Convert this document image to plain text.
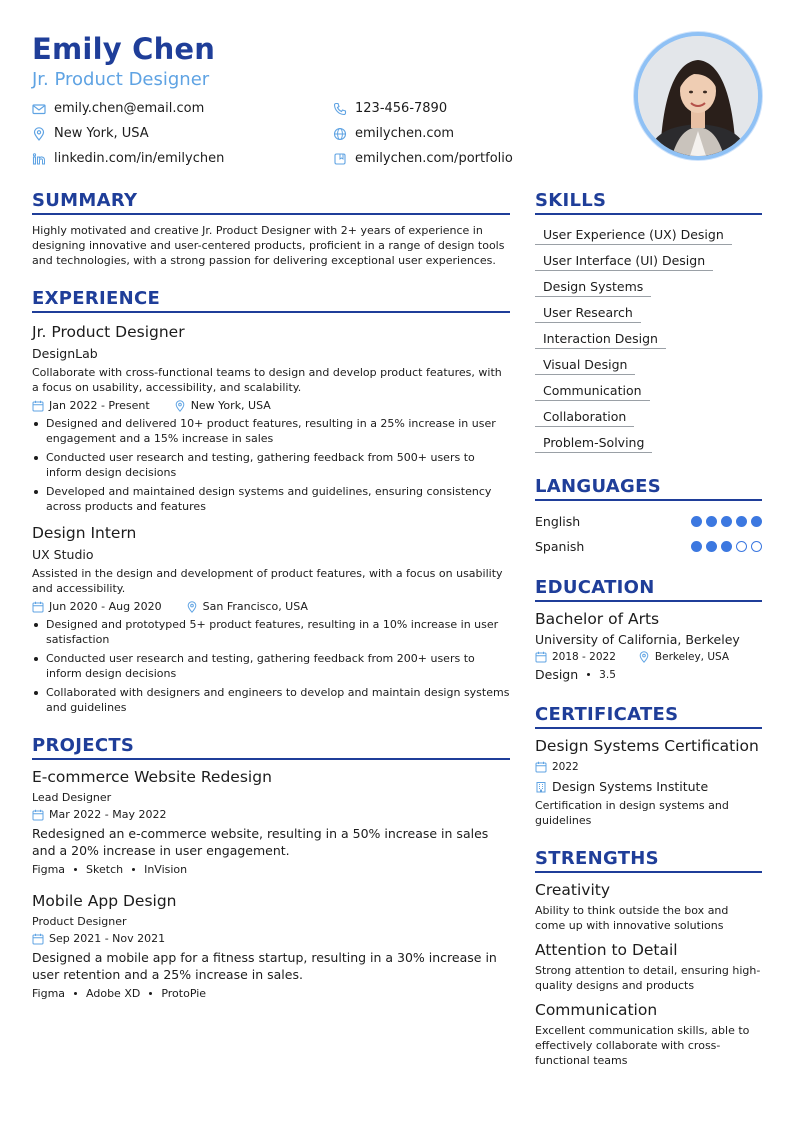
Emily Chen
Jr. Product Designer
emily.chen@email.com	123-456-7890
New York, USA	emilychen.com
linkedin.com/in/emilychen	emilychen.com/portfolio
SUMMARY
Highly motivated and creative Jr. Product Designer with 2+ years of experience in designing innovative and user-centered products, proficient in a range of design tools and technologies, with a strong passion for delivering exceptional user experiences.
EXPERIENCE
Jr. Product Designer
DesignLab
Collaborate with cross-functional teams to design and develop product features, with a focus on usability, accessibility, and scalability.
Jan 2022 - Present	New York, USA
Designed and delivered 10+ product features, resulting in a 25% increase in user engagement and a 15% increase in sales
Conducted user research and testing, gathering feedback from 500+ users to inform design decisions
Developed and maintained design systems and guidelines, ensuring consistency across products and features
Design Intern
UX Studio
Assisted in the design and development of product features, with a focus on usability and accessibility.
Jun 2020 - Aug 2020	San Francisco, USA
Designed and prototyped 5+ product features, resulting in a 10% increase in user satisfaction
Conducted user research and testing, gathering feedback from 200+ users to inform design decisions
Collaborated with designers and engineers to develop and maintain design systems and guidelines
PROJECTS
E-commerce Website Redesign
Lead Designer
Mar 2022 - May 2022
Redesigned an e-commerce website, resulting in a 50% increase in sales and a 20% increase in user engagement.
Figma Sketch InVision
Mobile App Design
Product Designer
Sep 2021 - Nov 2021
Designed a mobile app for a fitness startup, resulting in a 30% increase in user retention and a 25% increase in sales.
Figma Adobe XD ProtoPie
SKILLS
User Experience (UX) Design
User Interface (UI) Design
Design Systems
User Research
Interaction Design
Visual Design
Communication
Collaboration
Problem-Solving
LANGUAGES
English
Spanish
EDUCATION
Bachelor of Arts
University of California, Berkeley
2018 - 2022	Berkeley, USA
Design 3.5
CERTIFICATES
Design Systems Certification
2022
Design Systems Institute
Certification in design systems and guidelines
STRENGTHS
Creativity
Ability to think outside the box and come up with innovative solutions
Attention to Detail
Strong attention to detail, ensuring high-quality designs and products
Communication
Excellent communication skills, able to effectively collaborate with cross-functional teams
